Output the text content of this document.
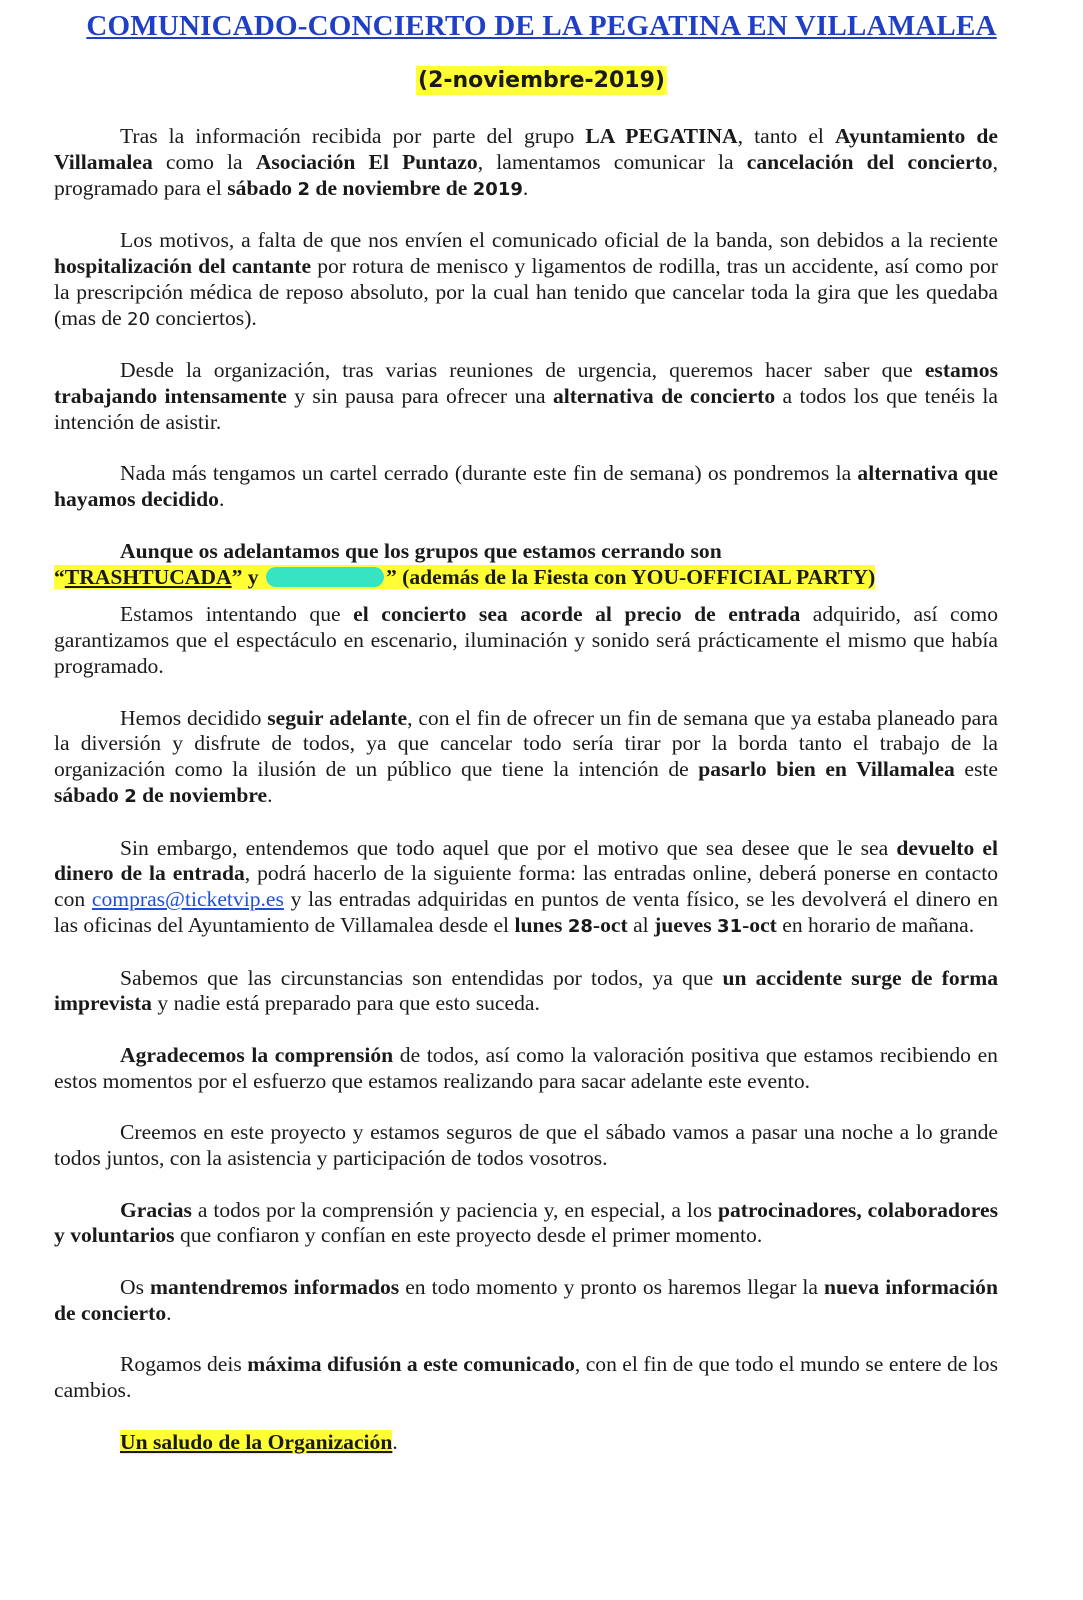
COMUNICADO-CONCIERTO DE LA PEGATINA EN VILLAMALEA
(2-noviembre-2019)

Tras la información recibida por parte del grupo LA PEGATINA, tanto el Ayuntamiento de Villamalea como la Asociación El Puntazo, lamentamos comunicar la cancelación del concierto, programado para el sábado 2 de noviembre de 2019.

Los motivos, a falta de que nos envíen el comunicado oficial de la banda, son debidos a la reciente hospitalización del cantante por rotura de menisco y ligamentos de rodilla, tras un accidente, así como por la prescripción médica de reposo absoluto, por la cual han tenido que cancelar toda la gira que les quedaba (mas de 20 conciertos).

Desde la organización, tras varias reuniones de urgencia, queremos hacer saber que estamos trabajando intensamente y sin pausa para ofrecer una alternativa de concierto a todos los que tenéis la intención de asistir.

Nada más tengamos un cartel cerrado (durante este fin de semana) os pondremos la alternativa que hayamos decidido.

Aunque os adelantamos que los grupos que estamos cerrando son
“TRASHTUCADA” y	” (además de la Fiesta con YOU-OFFICIAL PARTY)

Estamos intentando que el concierto sea acorde al precio de entrada adquirido, así como garantizamos que el espectáculo en escenario, iluminación y sonido será prácticamente el mismo que había programado.

Hemos decidido seguir adelante, con el fin de ofrecer un fin de semana que ya estaba planeado para la diversión y disfrute de todos, ya que cancelar todo sería tirar por la borda tanto el trabajo de la organización como la ilusión de un público que tiene la intención de pasarlo bien en Villamalea este sábado 2 de noviembre.

Sin embargo, entendemos que todo aquel que por el motivo que sea desee que le sea devuelto el dinero de la entrada, podrá hacerlo de la siguiente forma: las entradas online, deberá ponerse en contacto con compras@ticketvip.es y las entradas adquiridas en puntos de venta físico, se les devolverá el dinero en las oficinas del Ayuntamiento de Villamalea desde el lunes 28-oct al jueves 31-oct en horario de mañana.

Sabemos que las circunstancias son entendidas por todos, ya que un accidente surge de forma imprevista y nadie está preparado para que esto suceda.

Agradecemos la comprensión de todos, así como la valoración positiva que estamos recibiendo en estos momentos por el esfuerzo que estamos realizando para sacar adelante este evento.

Creemos en este proyecto y estamos seguros de que el sábado vamos a pasar una noche a lo grande todos juntos, con la asistencia y participación de todos vosotros.

Gracias a todos por la comprensión y paciencia y, en especial, a los patrocinadores, colaboradores y voluntarios que confiaron y confían en este proyecto desde el primer momento.

Os mantendremos informados en todo momento y pronto os haremos llegar la nueva información de concierto.

Rogamos deis máxima difusión a este comunicado, con el fin de que todo el mundo se entere de los cambios.

Un saludo de la Organización.
